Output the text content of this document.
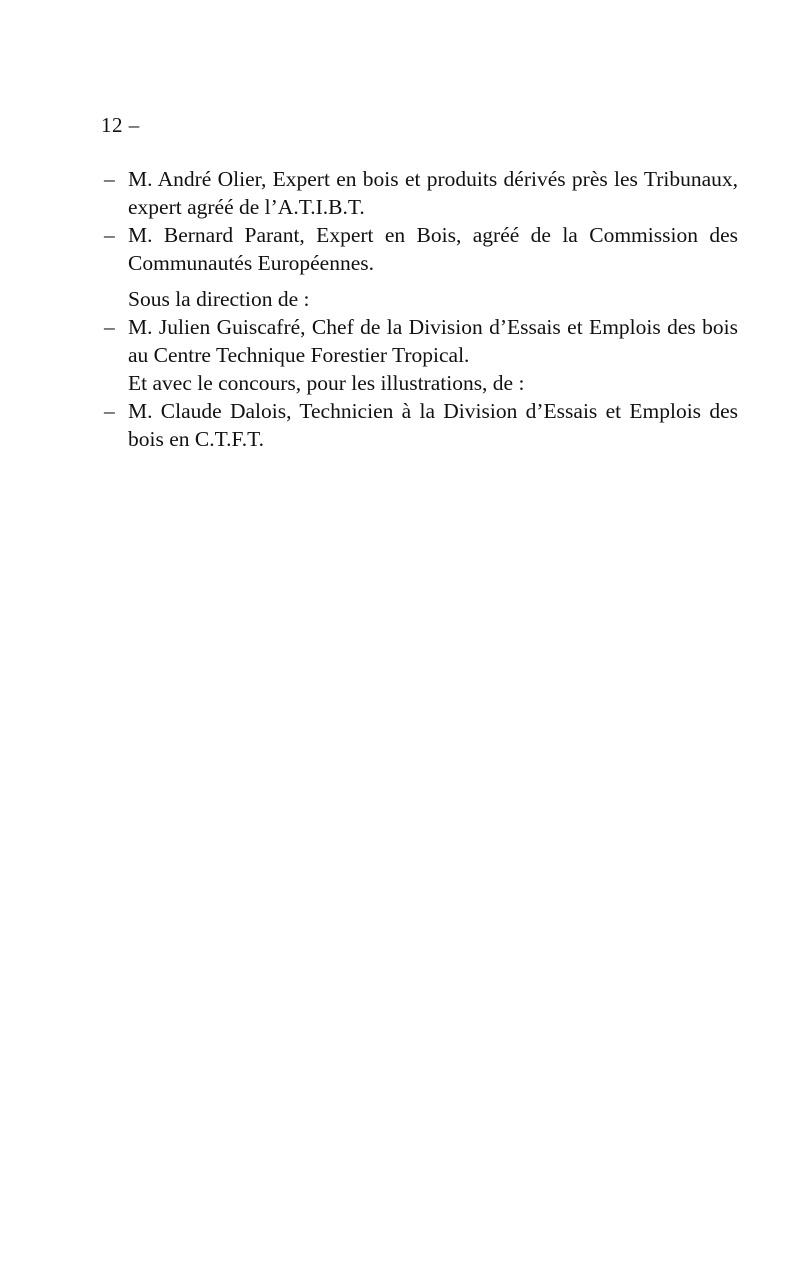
12 –

– M. André Olier, Expert en bois et produits dérivés près les Tribunaux, expert agréé de l’A.T.I.B.T.

– M. Bernard Parant, Expert en Bois, agréé de la Commission des Communautés Européennes.

Sous la direction de :

– M. Julien Guiscafré, Chef de la Division d’Essais et Emplois des bois au Centre Technique Forestier Tropical.

Et avec le concours, pour les illustrations, de :

– M. Claude Dalois, Technicien à la Division d’Essais et Emplois des bois en C.T.F.T.
